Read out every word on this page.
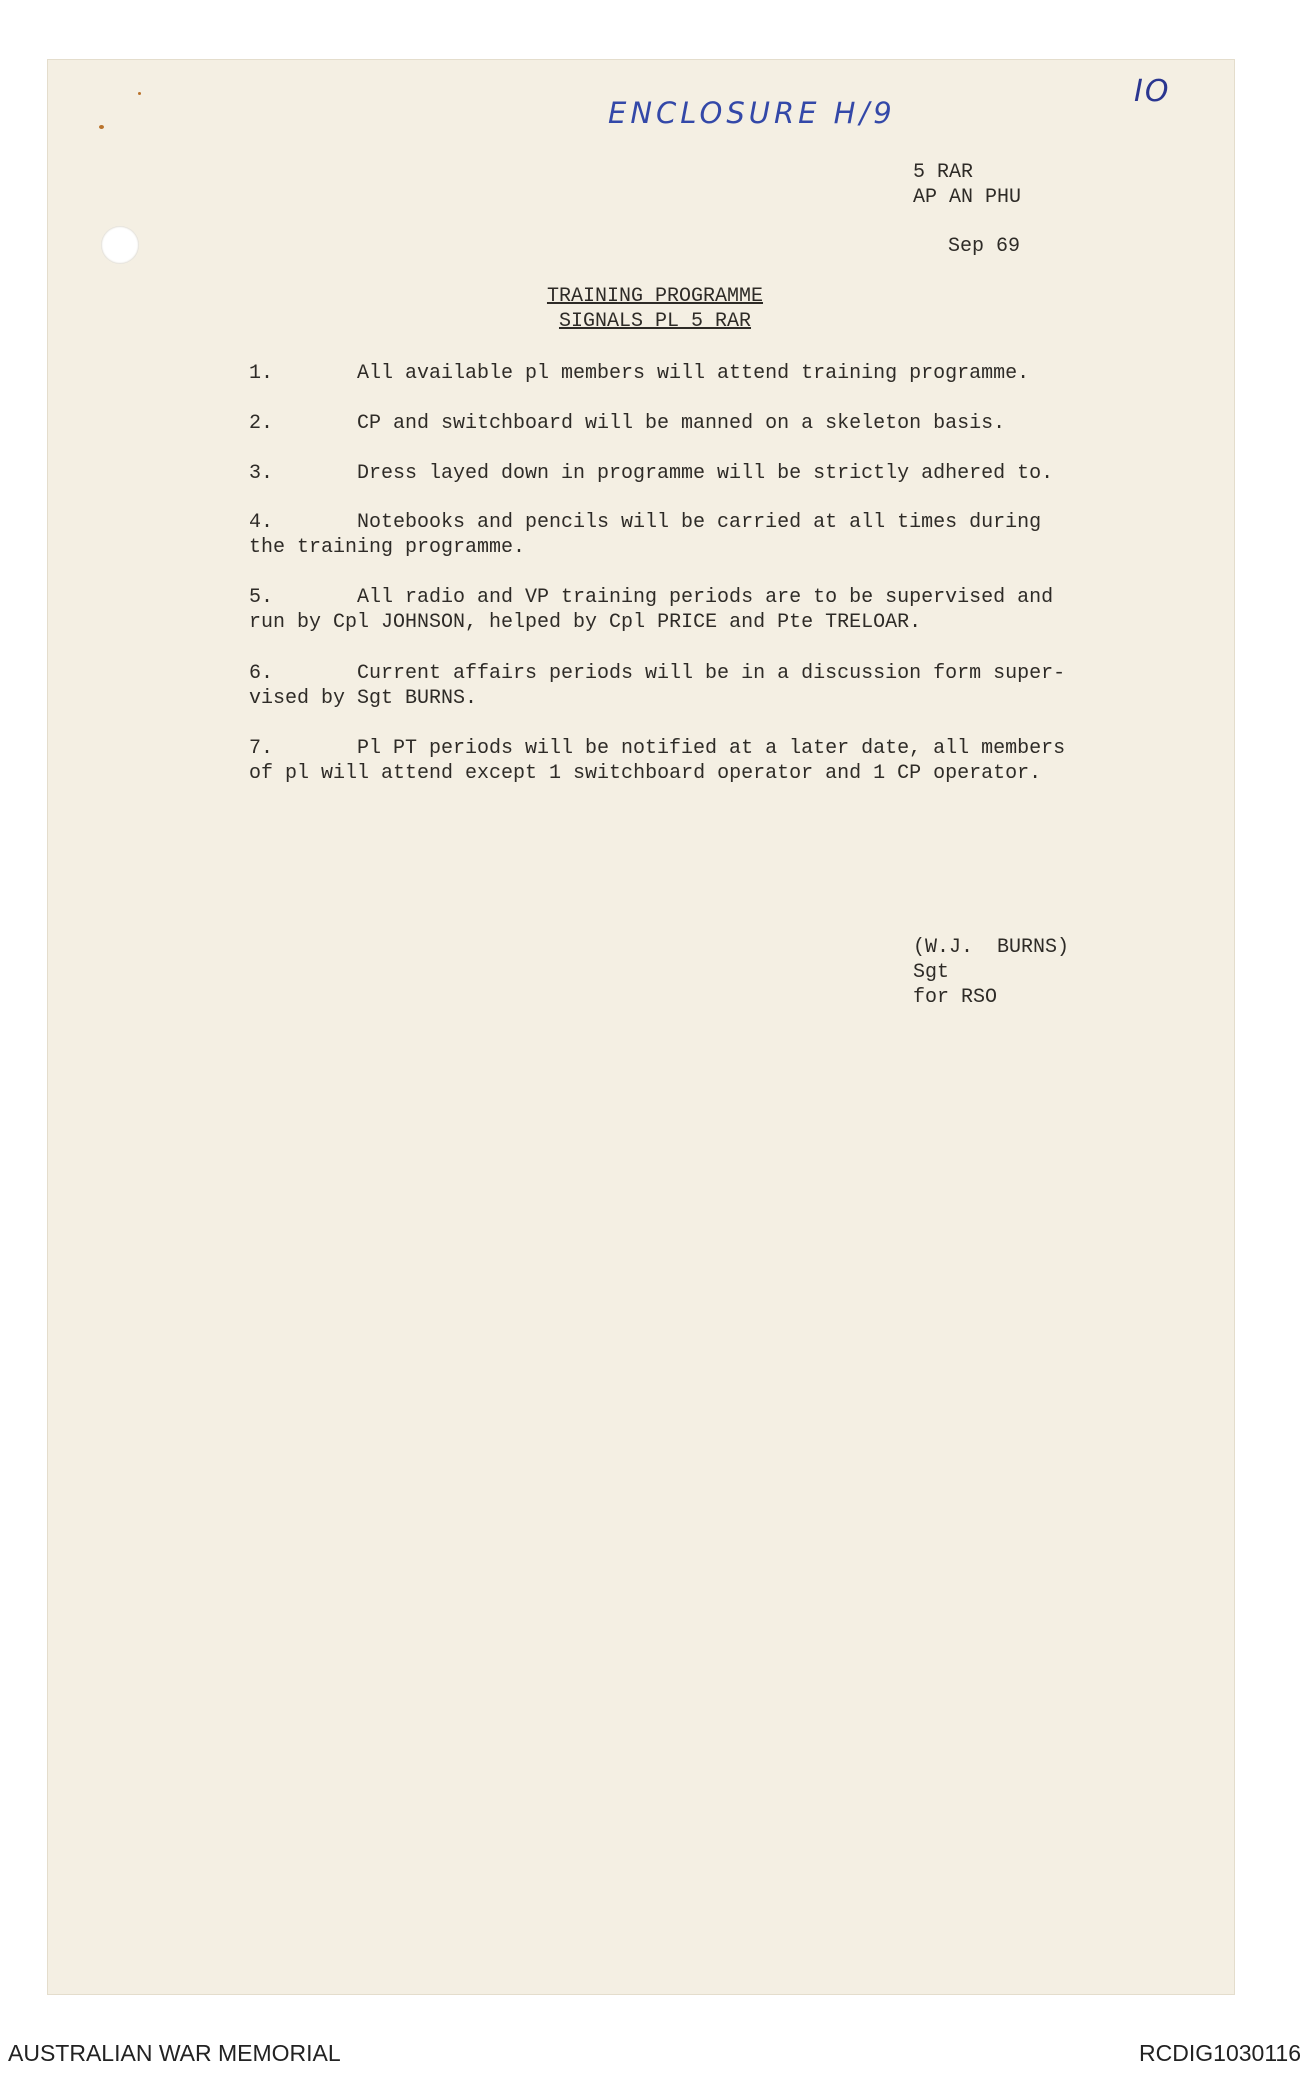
ENCLOSURE H/9
IO
5 RAR
AP AN PHU
Sep 69
TRAINING PROGRAMME
SIGNALS PL 5 RAR
1.	All available pl members will attend training programme.
2.	CP and switchboard will be manned on a skeleton basis.
3.	Dress layed down in programme will be strictly adhered to.
4.	Notebooks and pencils will be carried at all times during
the training programme.
5.	All radio and VP training periods are to be supervised and
run by Cpl JOHNSON, helped by Cpl PRICE and Pte TRELOAR.
6.	Current affairs periods will be in a discussion form super-
vised by Sgt BURNS.
7.	Pl PT periods will be notified at a later date, all members
of pl will attend except 1 switchboard operator and 1 CP operator.
(W.J.  BURNS)
Sgt
for RSO
AUSTRALIAN WAR MEMORIAL	RCDIG1030116
